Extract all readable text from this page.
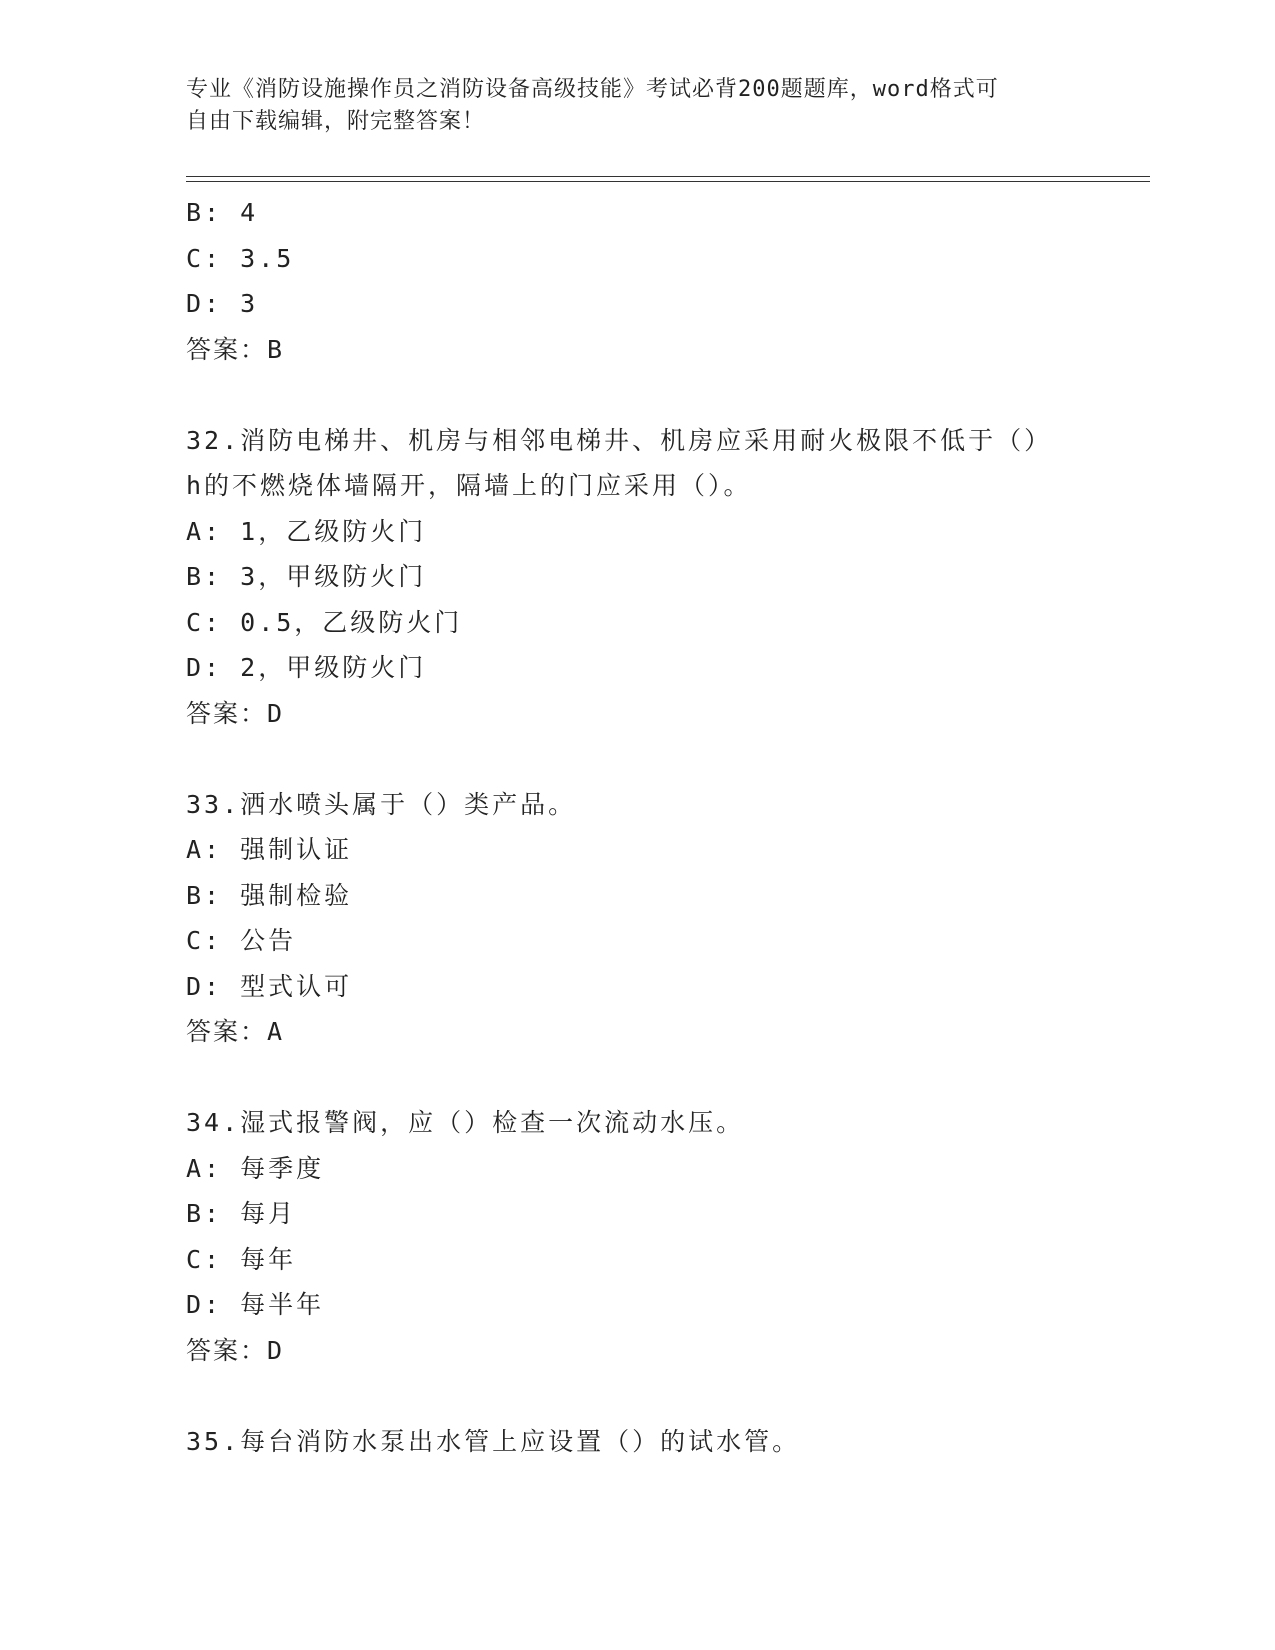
专业《消防设施操作员之消防设备高级技能》考试必背200题题库，word格式可
自由下载编辑，附完整答案！
B: 4
C: 3.5
D: 3
答案：B
32.消防电梯井、机房与相邻电梯井、机房应采用耐火极限不低于（）
h的不燃烧体墙隔开，隔墙上的门应采用（）。
A: 1，乙级防火门
B: 3，甲级防火门
C: 0.5，乙级防火门
D: 2，甲级防火门
答案：D
33.洒水喷头属于（）类产品。
A: 强制认证
B: 强制检验
C: 公告
D: 型式认可
答案：A
34.湿式报警阀，应（）检查一次流动水压。
A: 每季度
B: 每月
C: 每年
D: 每半年
答案：D
35.每台消防水泵出水管上应设置（）的试水管。
